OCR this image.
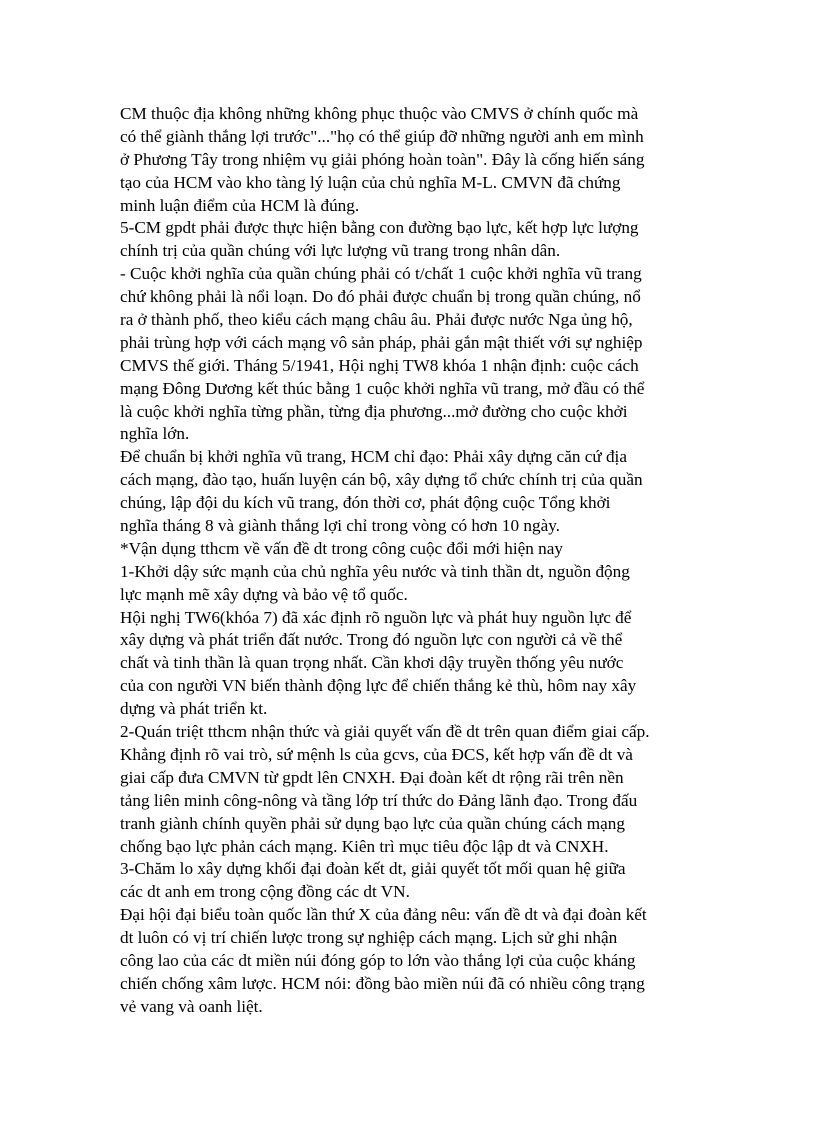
CM thuộc địa không những không phục thuộc vào CMVS ở chính quốc mà
có thể giành thắng lợi trước"..."họ có thể giúp đỡ những người anh em mình
ở Phương Tây trong nhiệm vụ giải phóng hoàn toàn". Đây là cống hiến sáng
tạo của HCM vào kho tàng lý luận của chủ nghĩa M-L. CMVN đã chứng
minh luận điểm của HCM là đúng.
5-CM gpdt phải được thực hiện bằng con đường bạo lực, kết hợp lực lượng
chính trị của quần chúng với lực lượng vũ trang trong nhân dân.
- Cuộc khởi nghĩa của quần chúng phải có t/chất 1 cuộc khởi nghĩa vũ trang
chứ không phải là nổi loạn. Do đó phải được chuẩn bị trong quần chúng, nổ
ra ở thành phố, theo kiểu cách mạng châu âu. Phải được nước Nga ủng hộ,
phải trùng hợp với cách mạng vô sản pháp, phải gắn mật thiết với sự nghiệp
CMVS thế giới. Tháng 5/1941, Hội nghị TW8 khóa 1 nhận định: cuộc cách
mạng Đông Dương kết thúc bằng 1 cuộc khởi nghĩa vũ trang, mở đầu có thể
là cuộc khởi nghĩa từng phần, từng địa phương...mở đường cho cuộc khởi
nghĩa lớn.
Để chuẩn bị khởi nghĩa vũ trang, HCM chỉ đạo: Phải xây dựng căn cứ địa
cách mạng, đào tạo, huấn luyện cán bộ, xây dựng tổ chức chính trị của quần
chúng, lập đội du kích vũ trang, đón thời cơ, phát động cuộc Tổng khởi
nghĩa tháng 8 và giành thắng lợi chỉ trong vòng có hơn 10 ngày.
*Vận dụng tthcm về vấn đề dt trong công cuộc đổi mới hiện nay
1-Khởi dậy sức mạnh của chủ nghĩa yêu nước và tinh thần dt, nguồn động
lực mạnh mẽ xây dựng và bảo vệ tổ quốc.
Hội nghị TW6(khóa 7) đã xác định rõ nguồn lực và phát huy nguồn lực để
xây dựng và phát triển đất nước. Trong đó nguồn lực con người cả về thể
chất và tinh thần là quan trọng nhất. Cần khơi dậy truyền thống yêu nước
của con người VN biến thành động lực để chiến thắng kẻ thù, hôm nay xây
dựng và phát triển kt.
2-Quán triệt tthcm nhận thức và giải quyết vấn đề dt trên quan điểm giai cấp.
Khẳng định rõ vai trò, sứ mệnh ls của gcvs, của ĐCS, kết hợp vấn đề dt và
giai cấp đưa CMVN từ gpdt lên CNXH. Đại đoàn kết dt rộng rãi trên nền
tảng liên minh công-nông và tầng lớp trí thức do Đảng lãnh đạo. Trong đấu
tranh giành chính quyền phải sử dụng bạo lực của quần chúng cách mạng
chống bạo lực phản cách mạng. Kiên trì mục tiêu độc lập dt và CNXH.
3-Chăm lo xây dựng khối đại đoàn kết dt, giải quyết tốt mối quan hệ giữa
các dt anh em trong cộng đồng các dt VN.
Đại hội đại biểu toàn quốc lần thứ X của đảng nêu: vấn đề dt và đại đoàn kết
dt luôn có vị trí chiến lược trong sự nghiệp cách mạng. Lịch sử ghi nhận
công lao của các dt miền núi đóng góp to lớn vào thắng lợi của cuộc kháng
chiến chống xâm lược. HCM nói: đồng bào miền núi đã có nhiều công trạng
vẻ vang và oanh liệt.
